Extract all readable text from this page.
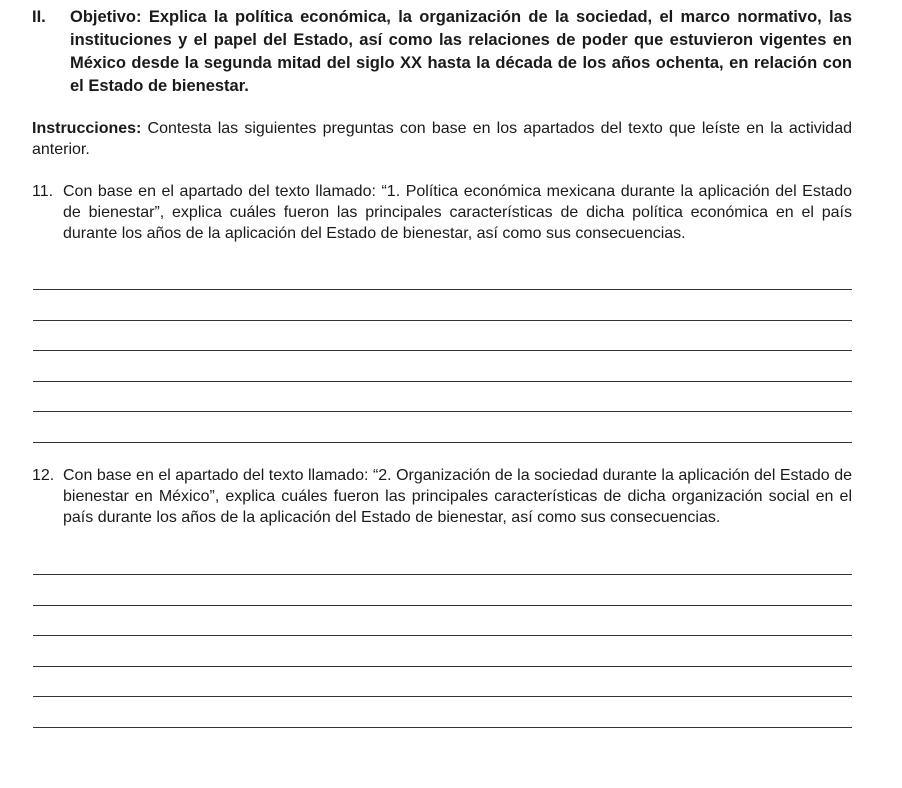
II. Objetivo: Explica la política económica, la organización de la sociedad, el marco normativo, las instituciones y el papel del Estado, así como las relaciones de poder que estuvieron vigentes en México desde la segunda mitad del siglo XX hasta la década de los años ochenta, en relación con el Estado de bienestar.
Instrucciones: Contesta las siguientes preguntas con base en los apartados del texto que leíste en la actividad anterior.
11. Con base en el apartado del texto llamado: “1. Política económica mexicana durante la aplicación del Estado de bienestar”, explica cuáles fueron las principales características de dicha política económica en el país durante los años de la aplicación del Estado de bienestar, así como sus consecuencias.
12. Con base en el apartado del texto llamado: “2. Organización de la sociedad durante la aplicación del Estado de bienestar en México”, explica cuáles fueron las principales características de dicha organización social en el país durante los años de la aplicación del Estado de bienestar, así como sus consecuencias.
